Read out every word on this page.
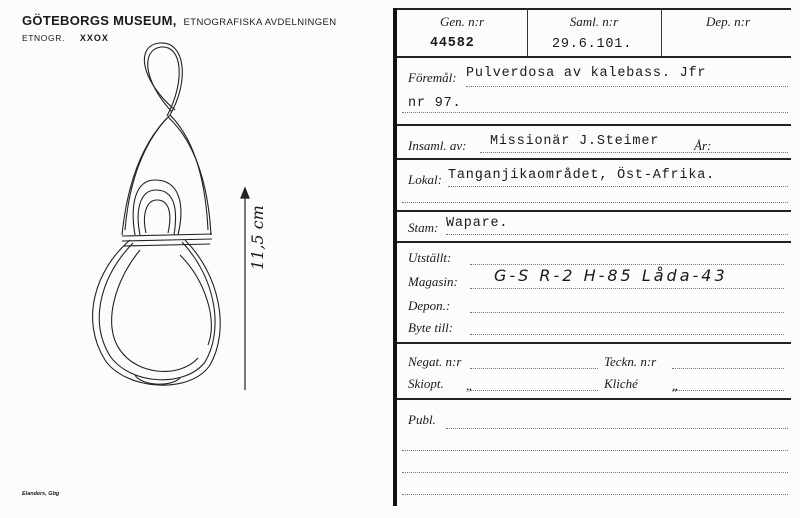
GÖTEBORGS MUSEUM, ETNOGRAFISKA AVDELNINGEN
ETNOGR. XXOX
11,5 cm
Elanders, Gbg
Gen. n:r	Saml. n:r	Dep. n:r
44582	29.6.101.
Föremål: Pulverdosa av kalebass. Jfr
nr 97.
Insaml. av: Missionär J.Steimer	År:
Lokal: Tanganjikaområdet, Öst-Afrika.
Stam: Wapare.
Utställt:
Magasin: G-S R-2 H-85 Låda-43
Depon.:
Byte till:
Negat. n:r	Teckn. n:r
Skiopt. „	Kliché	„
Publ.
